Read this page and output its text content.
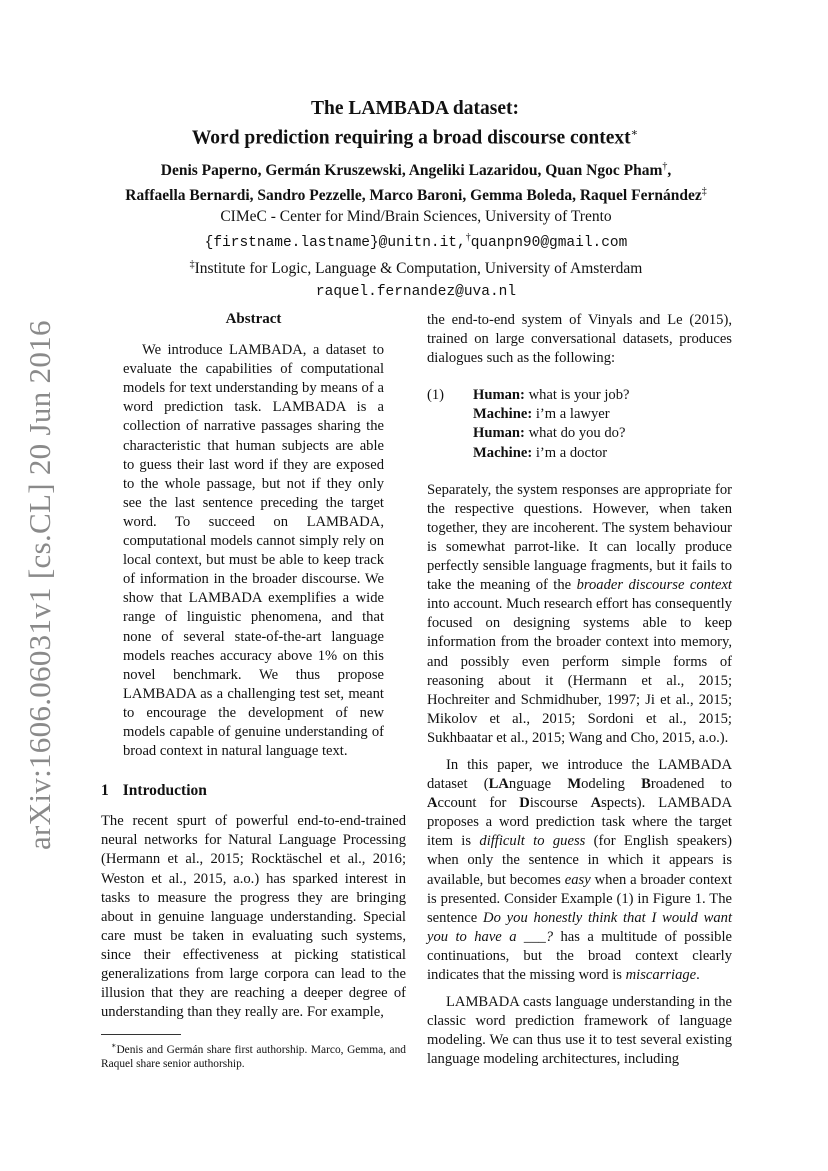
arXiv:1606.06031v1 [cs.CL] 20 Jun 2016
The LAMBADA dataset:
Word prediction requiring a broad discourse context∗
Denis Paperno, Germán Kruszewski, Angeliki Lazaridou, Quan Ngoc Pham†,
Raffaella Bernardi, Sandro Pezzelle, Marco Baroni, Gemma Boleda, Raquel Fernández‡
CIMeC - Center for Mind/Brain Sciences, University of Trento
{firstname.lastname}@unitn.it,†quanpn90@gmail.com
‡Institute for Logic, Language & Computation, University of Amsterdam
raquel.fernandez@uva.nl
Abstract

We introduce LAMBADA, a dataset to evaluate the capabilities of computational models for text understanding by means of a word prediction task. LAMBADA is a collection of narrative passages sharing the characteristic that human subjects are able to guess their last word if they are exposed to the whole passage, but not if they only see the last sentence preceding the target word. To succeed on LAMBADA, computational models cannot simply rely on local context, but must be able to keep track of information in the broader discourse. We show that LAMBADA exemplifies a wide range of linguistic phenomena, and that none of several state-of-the-art language models reaches accuracy above 1% on this novel benchmark. We thus propose LAMBADA as a challenging test set, meant to encourage the development of new models capable of genuine understanding of broad context in natural language text.

1 Introduction

The recent spurt of powerful end-to-end-trained neural networks for Natural Language Processing (Hermann et al., 2015; Rocktäschel et al., 2016; Weston et al., 2015, a.o.) has sparked interest in tasks to measure the progress they are bringing about in genuine language understanding. Special care must be taken in evaluating such systems, since their effectiveness at picking statistical generalizations from large corpora can lead to the illusion that they are reaching a deeper degree of understanding than they really are. For example,

∗Denis and Germán share first authorship. Marco, Gemma, and Raquel share senior authorship.

the end-to-end system of Vinyals and Le (2015), trained on large conversational datasets, produces dialogues such as the following:

(1)	Human: what is your job?
Machine: i’m a lawyer
Human: what do you do?
Machine: i’m a doctor

Separately, the system responses are appropriate for the respective questions. However, when taken together, they are incoherent. The system behaviour is somewhat parrot-like. It can locally produce perfectly sensible language fragments, but it fails to take the meaning of the broader discourse context into account. Much research effort has consequently focused on designing systems able to keep information from the broader context into memory, and possibly even perform simple forms of reasoning about it (Hermann et al., 2015; Hochreiter and Schmidhuber, 1997; Ji et al., 2015; Mikolov et al., 2015; Sordoni et al., 2015; Sukhbaatar et al., 2015; Wang and Cho, 2015, a.o.).

In this paper, we introduce the LAMBADA dataset (LAnguage Modeling Broadened to Account for Discourse Aspects). LAMBADA proposes a word prediction task where the target item is difficult to guess (for English speakers) when only the sentence in which it appears is available, but becomes easy when a broader context is presented. Consider Example (1) in Figure 1. The sentence Do you honestly think that I would want you to have a ___? has a multitude of possible continuations, but the broad context clearly indicates that the missing word is miscarriage.

LAMBADA casts language understanding in the classic word prediction framework of language modeling. We can thus use it to test several existing language modeling architectures, including
